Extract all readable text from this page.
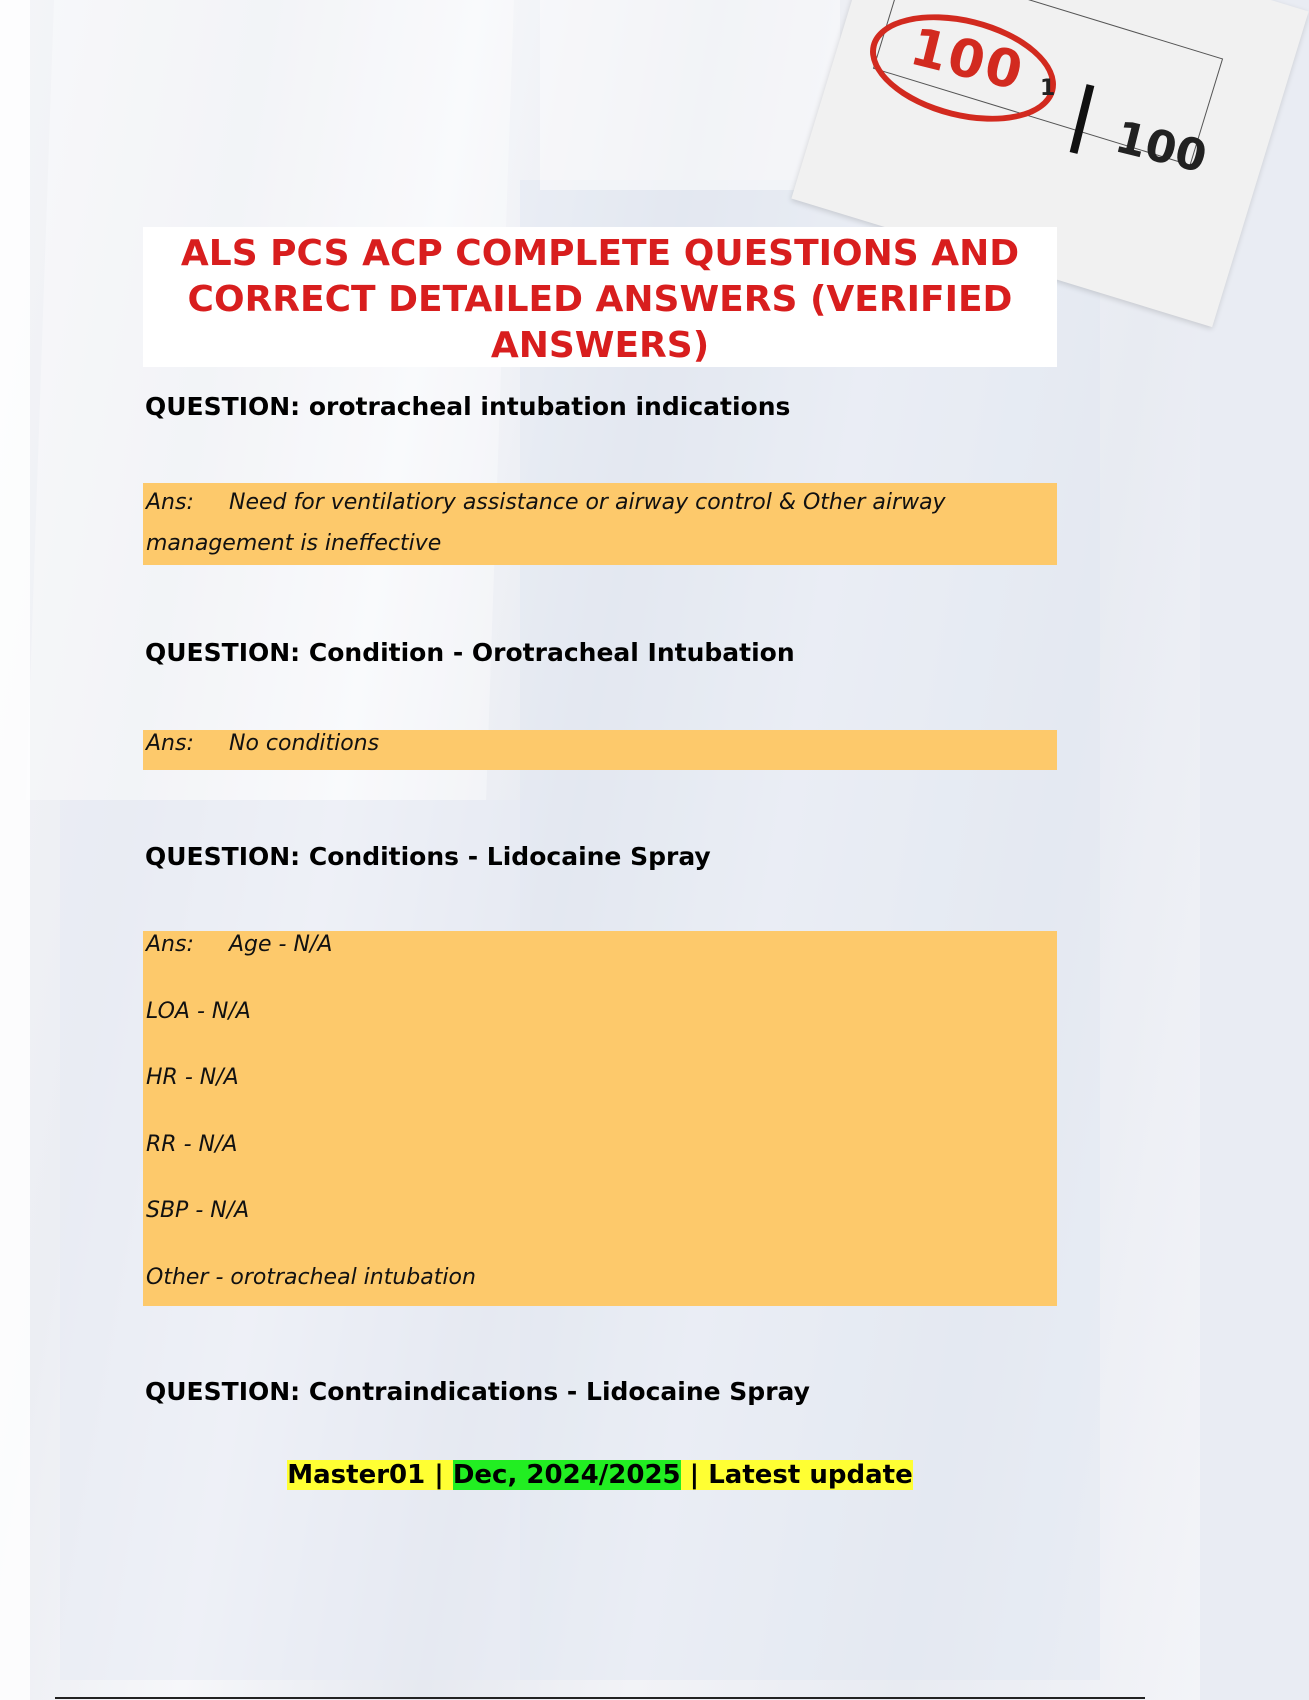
100 1
100
ALS PCS ACP COMPLETE QUESTIONS AND CORRECT DETAILED ANSWERS (VERIFIED ANSWERS)
QUESTION: orotracheal intubation indications
Ans: Need for ventilatiory assistance or airway control & Other airway
management is ineffective
QUESTION: Condition - Orotracheal Intubation
Ans: No conditions
QUESTION: Conditions - Lidocaine Spray
Ans: Age - N/A
LOA - N/A
HR - N/A
RR - N/A
SBP - N/A
Other - orotracheal intubation
QUESTION: Contraindications - Lidocaine Spray
Master01 | Dec, 2024/2025 | Latest update
